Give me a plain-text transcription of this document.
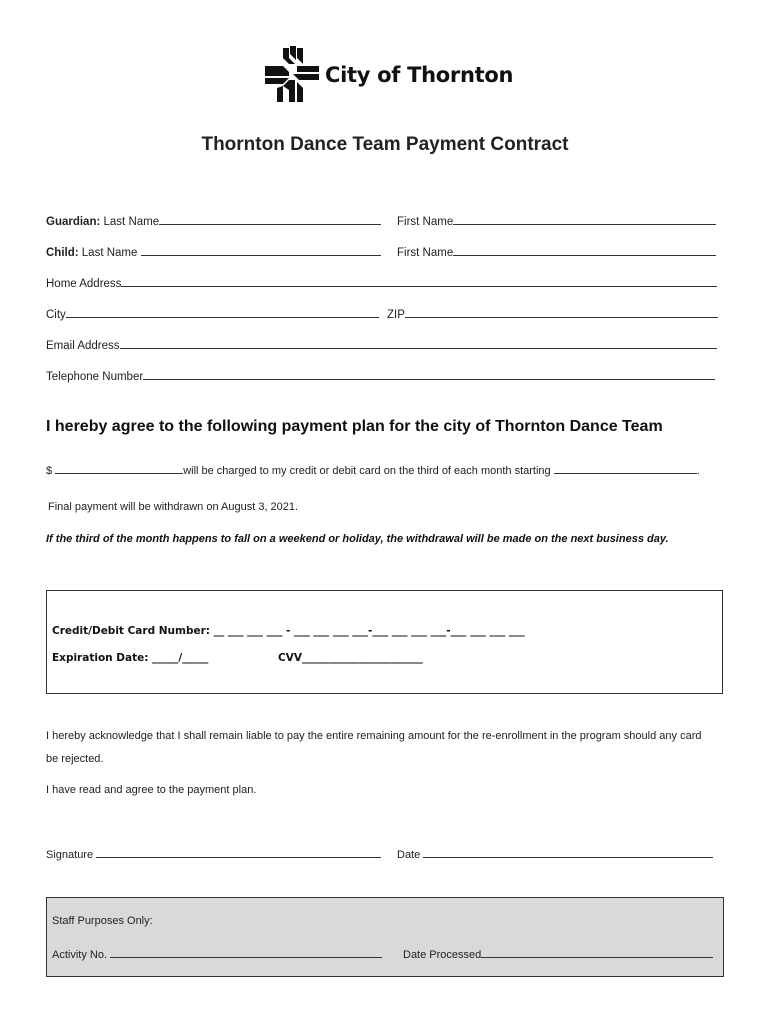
City of Thornton
Thornton Dance Team Payment Contract
Guardian: Last Name	First Name
Child: Last Name	First Name
Home Address
City	ZIP
Email Address
Telephone Number
I hereby agree to the following payment plan for the city of Thornton Dance Team
$	will be charged to my credit or debit card on the third of each month starting	.
Final payment will be withdrawn on August 3, 2021.
If the third of the month happens to fall on a weekend or holiday, the withdrawal will be made on the next business day.
Credit/Debit Card Number: __ ___ ___ ___ - ___ ___ ___ ___-___ ___ ___ ___-___ ___ ___ ___
Expiration Date: _____/_____	CVV_______________________
I hereby acknowledge that I shall remain liable to pay the entire remaining amount for the re-enrollment in the program should any card
be rejected.
I have read and agree to the payment plan.
Signature	Date
Staff Purposes Only:
Activity No.	Date Processed
